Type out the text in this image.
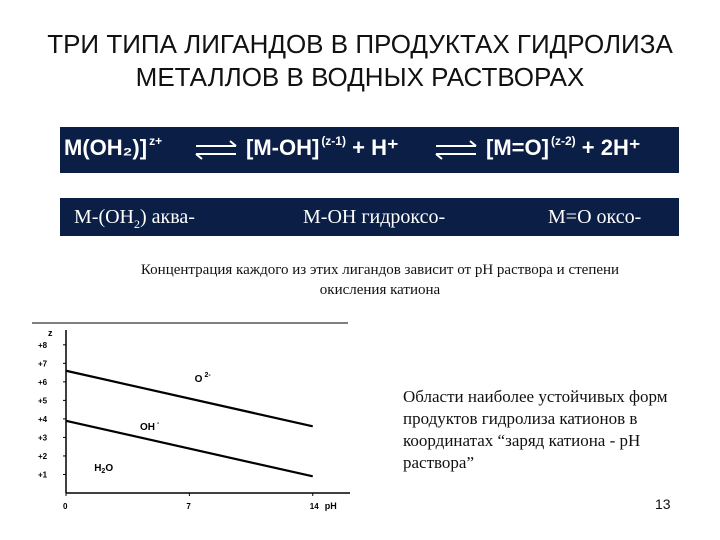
ТРИ ТИПА ЛИГАНДОВ В ПРОДУКТАХ ГИДРОЛИЗА МЕТАЛЛОВ В ВОДНЫХ РАСТВОРАХ
M(OH₂)] $^{z+}$ ⇌ [M-OH] $^{(z-1)}$ + H⁺ ⇌ [M=O] $^{(z-2)}$ + 2H⁺
$М-(ОН_2)$ аква-	М-ОН гидроксо-	М=О оксо-
Концентрация каждого из этих лигандов зависит от pH раствора и степени окисления катиона
z
+8
+7
+6
+5
+4
+3
+2
+1
0	7	14 pH
O $^{2-}$
OH -
$H_2O$
Области наиболее устойчивых форм продуктов гидролиза катионов в координатах “заряд катиона - pH раствора”
13
